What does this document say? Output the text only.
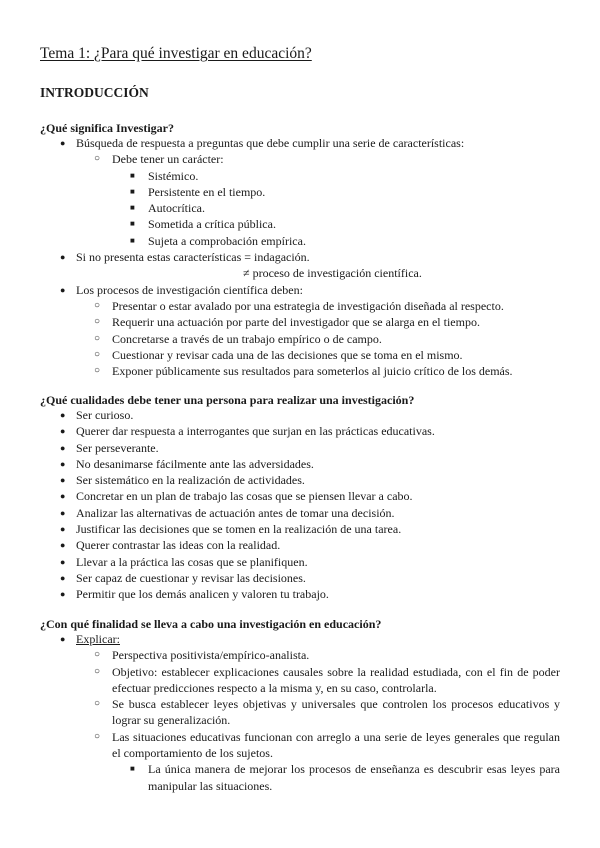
Tema 1: ¿Para qué investigar en educación?
INTRODUCCIÓN
¿Qué significa Investigar?
● Búsqueda de respuesta a preguntas que debe cumplir una serie de características:
○ Debe tener un carácter:
■ Sistémico.
■ Persistente en el tiempo.
■ Autocrítica.
■ Sometida a crítica pública.
■ Sujeta a comprobación empírica.
● Si no presenta estas características = indagación.
≠ proceso de investigación científica.
● Los procesos de investigación científica deben:
○ Presentar o estar avalado por una estrategia de investigación diseñada al respecto.
○ Requerir una actuación por parte del investigador que se alarga en el tiempo.
○ Concretarse a través de un trabajo empírico o de campo.
○ Cuestionar y revisar cada una de las decisiones que se toma en el mismo.
○ Exponer públicamente sus resultados para someterlos al juicio crítico de los demás.
¿Qué cualidades debe tener una persona para realizar una investigación?
● Ser curioso.
● Querer dar respuesta a interrogantes que surjan en las prácticas educativas.
● Ser perseverante.
● No desanimarse fácilmente ante las adversidades.
● Ser sistemático en la realización de actividades.
● Concretar en un plan de trabajo las cosas que se piensen llevar a cabo.
● Analizar las alternativas de actuación antes de tomar una decisión.
● Justificar las decisiones que se tomen en la realización de una tarea.
● Querer contrastar las ideas con la realidad.
● Llevar a la práctica las cosas que se planifiquen.
● Ser capaz de cuestionar y revisar las decisiones.
● Permitir que los demás analicen y valoren tu trabajo.
¿Con qué finalidad se lleva a cabo una investigación en educación?
● Explicar:
○ Perspectiva positivista/empírico-analista.
○ Objetivo: establecer explicaciones causales sobre la realidad estudiada, con el fin de poder efectuar predicciones respecto a la misma y, en su caso, controlarla.
○ Se busca establecer leyes objetivas y universales que controlen los procesos educativos y lograr su generalización.
○ Las situaciones educativas funcionan con arreglo a una serie de leyes generales que regulan el comportamiento de los sujetos.
■ La única manera de mejorar los procesos de enseñanza es descubrir esas leyes para manipular las situaciones.
